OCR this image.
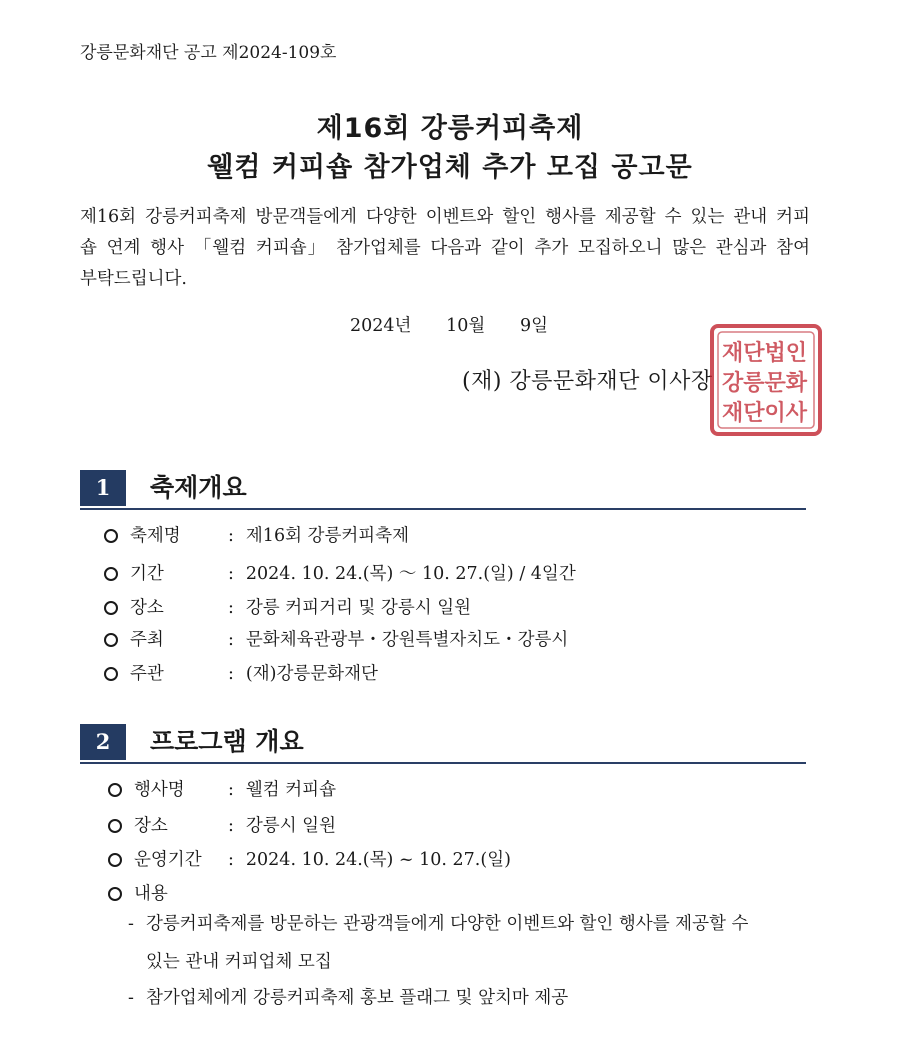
강릉문화재단 공고 제2024-109호
제16회 강릉커피축제
웰컴 커피숍 참가업체 추가 모집 공고문
제16회 강릉커피축제 방문객들에게 다양한 이벤트와 할인 행사를 제공할 수 있는 관내 커피숍 연계 행사 「웰컴 커피숍」 참가업체를 다음과 같이 추가 모집하오니 많은 관심과 참여 부탁드립니다.
2024년   10월   9일
(재) 강릉문화재단 이사장
재단법인
강릉문화
재단이사
1	축제개요
축제명	: 제16회 강릉커피축제
기간	: 2024. 10. 24.(목) ～ 10. 27.(일) / 4일간
장소	: 강릉 커피거리 및 강릉시 일원
주최	: 문화체육관광부・강원특별자치도・강릉시
주관	: (재)강릉문화재단
2	프로그램 개요
행사명 : 웰컴 커피숍
장소	: 강릉시 일원
운영기간 : 2024. 10. 24.(목) ~ 10. 27.(일)
내용
- 강릉커피축제를 방문하는 관광객들에게 다양한 이벤트와 할인 행사를 제공할 수
있는 관내 커피업체 모집
- 참가업체에게 강릉커피축제 홍보 플래그 및 앞치마 제공
